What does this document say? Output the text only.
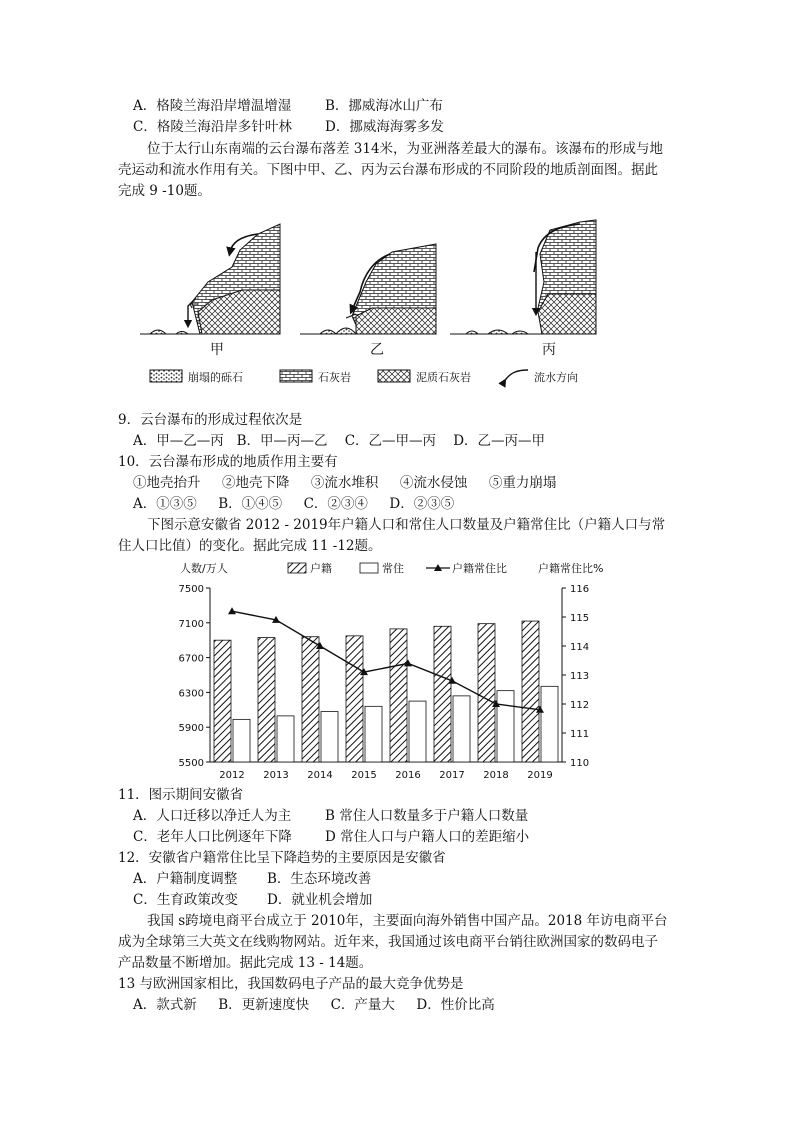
A．格陵兰海沿岸增温增湿	B．挪威海冰山广布
C．格陵兰海沿岸多针叶林 D．挪威海海雾多发
位于太行山东南端的云台瀑布落差 314米，为亚洲落差最大的瀑布。该瀑布的形成与地
壳运动和流水作用有关。下图中甲、乙、丙为云台瀑布形成的不同阶段的地质剖面图。据此
完成 9 -10题。
甲	乙	丙
崩塌的砾石	石灰岩	泥质石灰岩	流水方向
9．云台瀑布的形成过程依次是
A．甲—乙—丙   B．甲—丙—乙    C．乙—甲—丙    D．乙—丙—甲
10．云台瀑布形成的地质作用主要有
①地壳抬升     ②地壳下降     ③流水堆积     ④流水侵蚀     ⑤重力崩塌
A．①③⑤     B．①④⑤     C．②③④     D．②③⑤
下图示意安徽省 2012 - 2019年户籍人口和常住人口数量及户籍常住比（户籍人口与常
住人口比值）的变化。据此完成 11 -12题。
人数/万人	户籍常住比%
户籍	常住	户籍常住比
7500
7100
6700
6300
5900
5500
116
115
114
113
112
111
110
2012 2013 2014 2015 2016 2017 2018 2019
11．图示期间安徽省
A．人口迁移以净迁人为主	B 常住人口数量多于户籍人口数量
C．老年人口比例逐年下降 D 常住人口与户籍人口的差距缩小
12．安徽省户籍常住比呈下降趋势的主要原因是安徽省
A．户籍制度调整 B．生态环境改善
C．生育政策改变 D．就业机会增加
我国 s跨境电商平台成立于 2010年，主要面向海外销售中国产品。2018 年访电商平台
成为全球第三大英文在线购物网站。近年来，我国通过该电商平台销往欧洲国家的数码电子
产品数量不断增加。据此完成 13 - 14题。
13 与欧洲国家相比，我国数码电子产品的最大竞争优势是
A．款式新     B．更新速度快     C．产量大     D．性价比高
